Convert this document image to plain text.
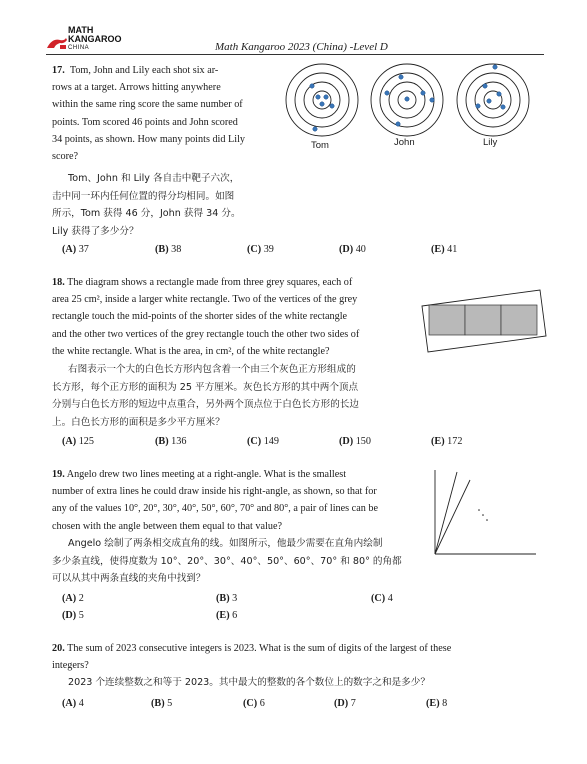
MATH
KANGAROO
CHINA	Math Kangaroo 2023 (China) -Level D
17. Tom, John and Lily each shot six ar-
rows at a target. Arrows hitting anywhere
within the same ring score the same number of
points. Tom scored 46 points and John scored
34 points, as shown. How many points did Lily
score?
Tom、John 和 Lily 各自击中靶子六次，
击中同一环内任何位置的得分均相同。如图
所示，Tom 获得 46 分，John 获得 34 分。
Lily 获得了多少分？
Tom	John	Lily
(A) 37	(B) 38	(C) 39	(D) 40	(E) 41
18. The diagram shows a rectangle made from three grey squares, each of
area 25 cm², inside a larger white rectangle. Two of the vertices of the grey
rectangle touch the mid-points of the shorter sides of the white rectangle
and the other two vertices of the grey rectangle touch the other two sides of
the white rectangle. What is the area, in cm², of the white rectangle?
右图表示一个大的白色长方形内包含着一个由三个灰色正方形组成的
长方形，每个正方形的面积为 25 平方厘米。灰色长方形的其中两个顶点
分别与白色长方形的短边中点重合，另外两个顶点位于白色长方形的长边
上。白色长方形的面积是多少平方厘米？
(A) 125	(B) 136	(C) 149	(D) 150	(E) 172
19. Angelo drew two lines meeting at a right-angle. What is the smallest
number of extra lines he could draw inside his right-angle, as shown, so that for
any of the values 10°, 20°, 30°, 40°, 50°, 60°, 70° and 80°, a pair of lines can be
chosen with the angle between them equal to that value?
Angelo 绘制了两条相交成直角的线。如图所示，他最少需要在直角内绘制
多少条直线，使得度数为 10°、20°、30°、40°、50°、60°、70° 和 80° 的角都
可以从其中两条直线的夹角中找到？
(A) 2	(B) 3	(C) 4
(D) 5	(E) 6
20. The sum of 2023 consecutive integers is 2023. What is the sum of digits of the largest of these
integers?
2023 个连续整数之和等于 2023。其中最大的整数的各个数位上的数字之和是多少？
(A) 4	(B) 5	(C) 6	(D) 7	(E) 8
